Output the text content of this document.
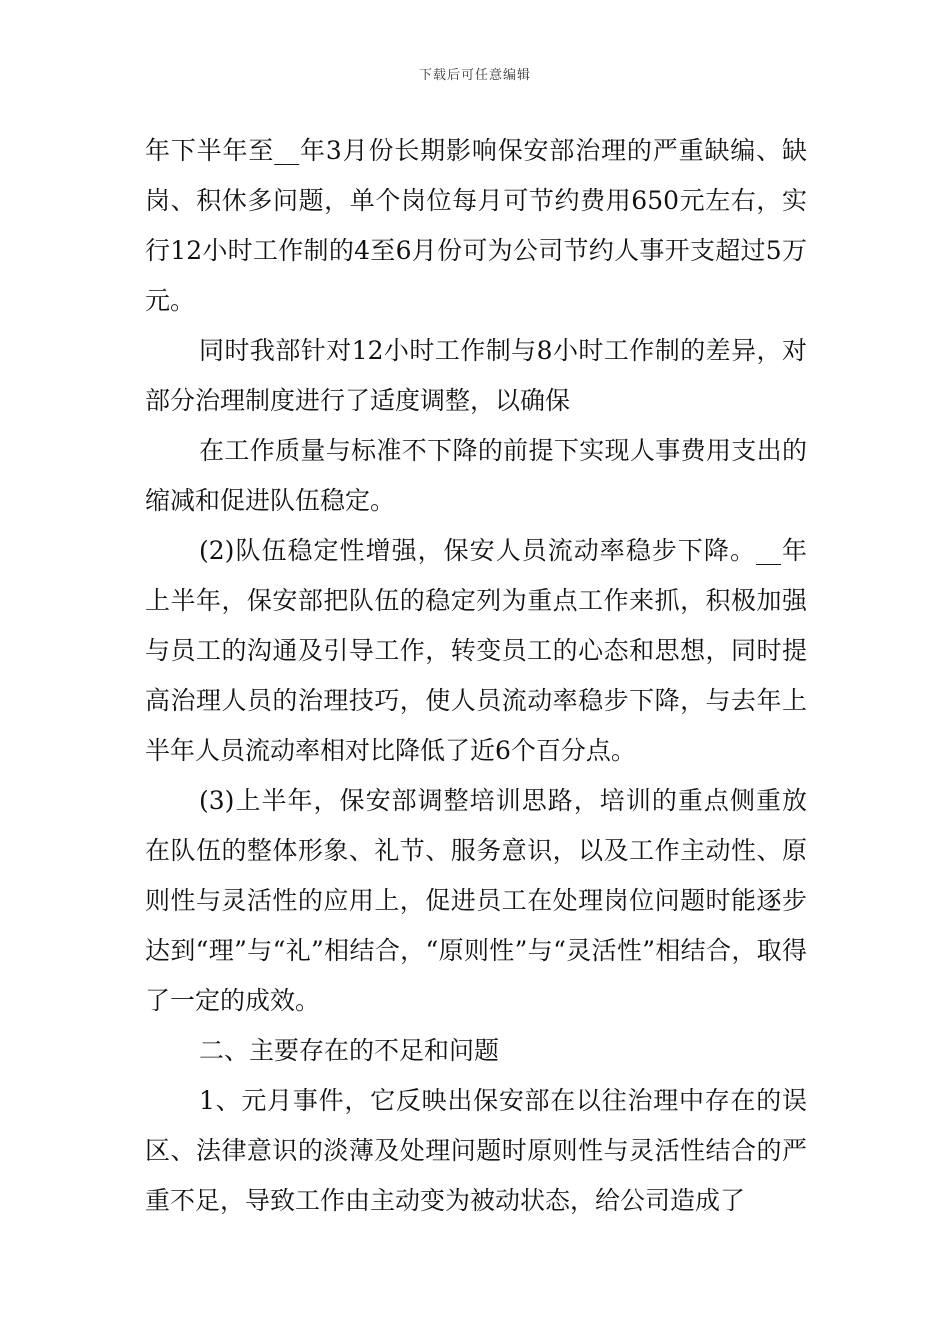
下载后可任意编辑

年下半年至__年3月份长期影响保安部治理的严重缺编、缺岗、积休多问题，单个岗位每月可节约费用650元左右，实行12小时工作制的4至6月份可为公司节约人事开支超过5万元。

同时我部针对12小时工作制与8小时工作制的差异，对部分治理制度进行了适度调整，以确保

在工作质量与标准不下降的前提下实现人事费用支出的缩减和促进队伍稳定。

(2)队伍稳定性增强，保安人员流动率稳步下降。__年上半年，保安部把队伍的稳定列为重点工作来抓，积极加强与员工的沟通及引导工作，转变员工的心态和思想，同时提高治理人员的治理技巧，使人员流动率稳步下降，与去年上半年人员流动率相对比降低了近6个百分点。

(3)上半年，保安部调整培训思路，培训的重点侧重放在队伍的整体形象、礼节、服务意识，以及工作主动性、原则性与灵活性的应用上，促进员工在处理岗位问题时能逐步达到“理”与“礼”相结合，“原则性”与“灵活性”相结合，取得了一定的成效。

二、主要存在的不足和问题

1、元月事件，它反映出保安部在以往治理中存在的误区、法律意识的淡薄及处理问题时原则性与灵活性结合的严重不足，导致工作由主动变为被动状态，给公司造成了
